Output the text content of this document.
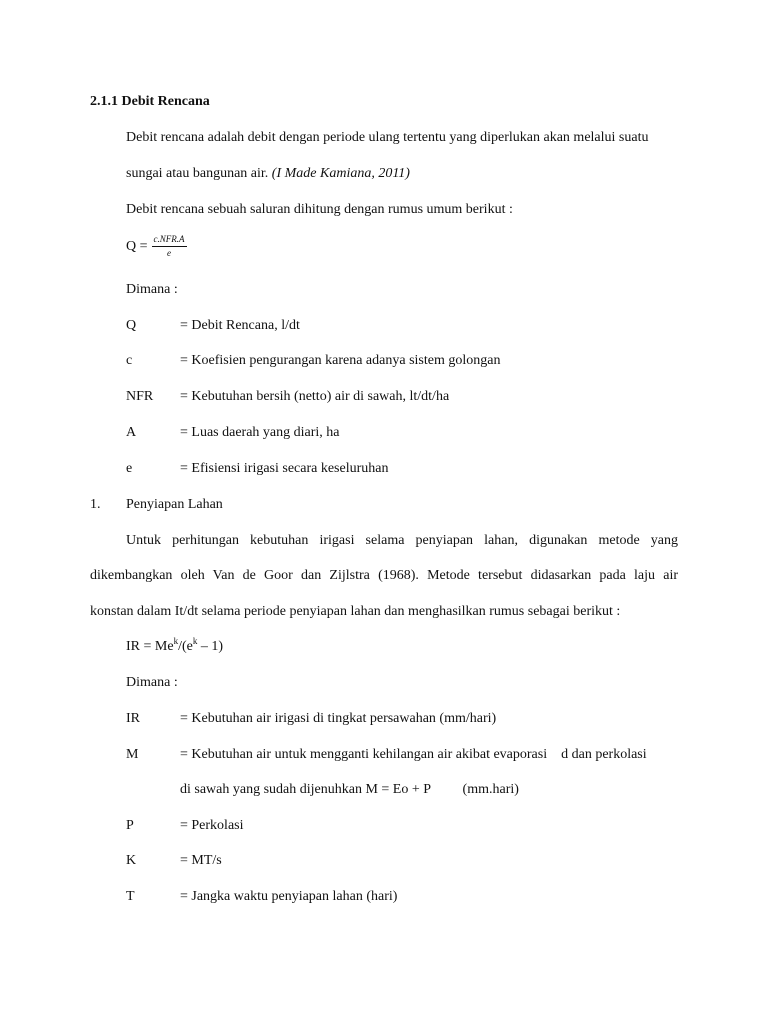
2.1.1 Debit Rencana
Debit rencana adalah debit dengan periode ulang tertentu yang diperlukan akan melalui suatu
sungai atau bangunan air. (I Made Kamiana, 2011)
Debit rencana sebuah saluran dihitung dengan rumus umum berikut :
$Q = \frac{\text{c.NFR.A}}{e}$
Dimana :
Q	= Debit Rencana, l/dt
c	= Koefisien pengurangan karena adanya sistem golongan
NFR = Kebutuhan bersih (netto) air di sawah, lt/dt/ha
A	= Luas daerah yang diari, ha
e	= Efisiensi irigasi secara keseluruhan
1. Penyiapan Lahan
Untuk perhitungan kebutuhan irigasi selama penyiapan lahan, digunakan metode yang
dikembangkan oleh Van de Goor dan Zijlstra (1968). Metode tersebut didasarkan pada laju air
konstan dalam It/dt selama periode penyiapan lahan dan menghasilkan rumus sebagai berikut :
IR = $Me^k/(e^k - 1)$
Dimana :
IR	= Kebutuhan air irigasi di tingkat persawahan (mm/hari)
M	= Kebutuhan air untuk mengganti kehilangan air akibat evaporasi    d dan perkolasi
di sawah yang sudah dijenuhkan M = Eo + P         (mm.hari)
P	= Perkolasi
K	= MT/s
T	= Jangka waktu penyiapan lahan (hari)
